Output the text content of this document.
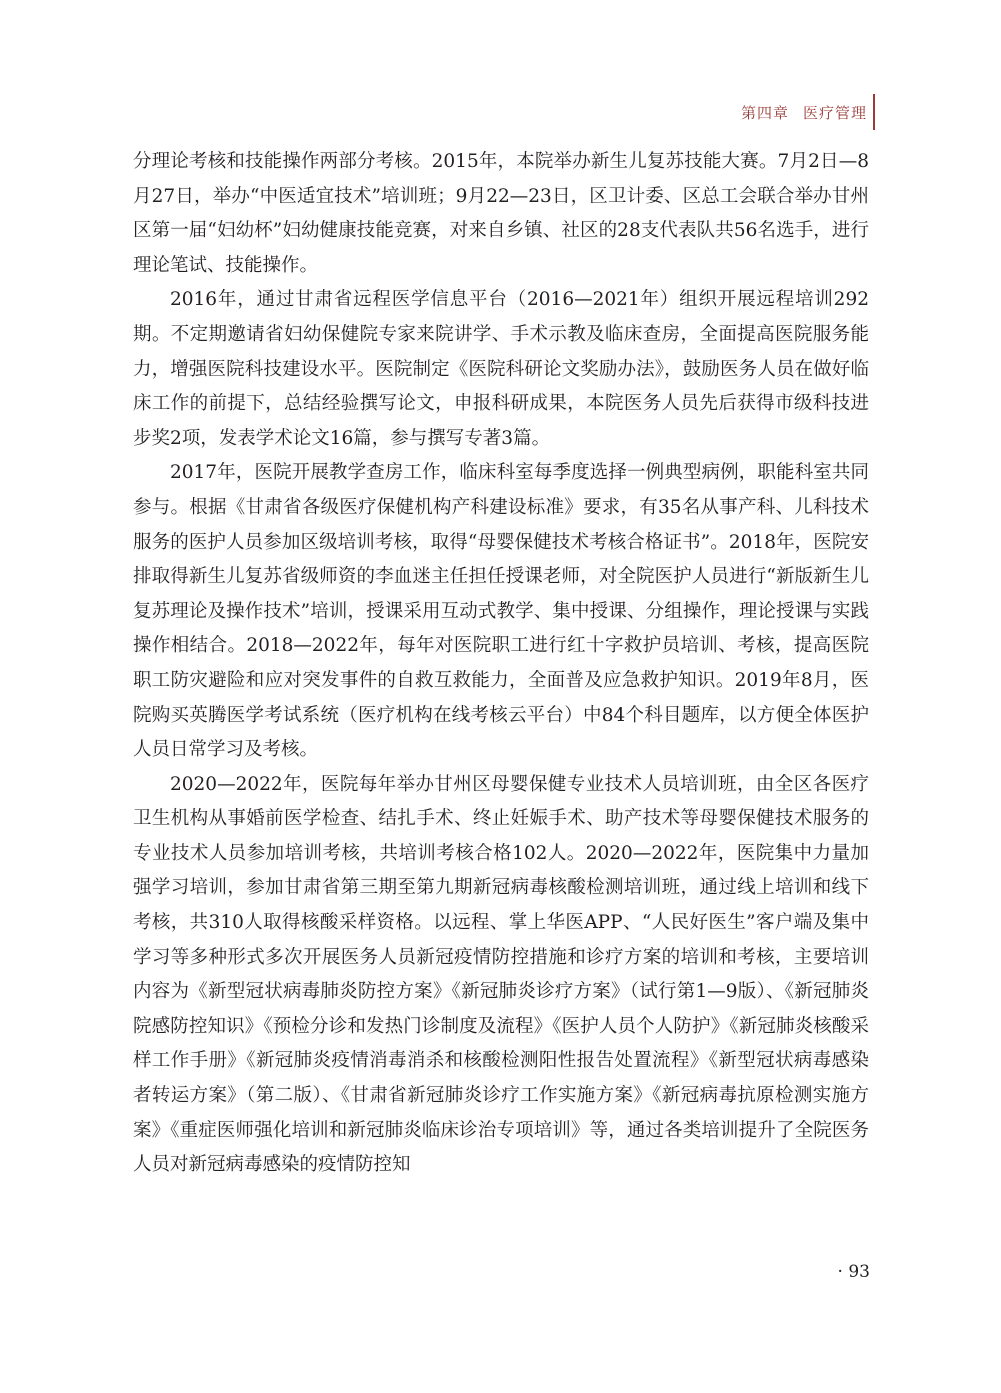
第四章 医疗管理

分理论考核和技能操作两部分考核。2015年，本院举办新生儿复苏技能大赛。7月2日—8月27日，举办“中医适宜技术”培训班；9月22—23日，区卫计委、区总工会联合举办甘州区第一届“妇幼杯”妇幼健康技能竞赛，对来自乡镇、社区的28支代表队共56名选手，进行理论笔试、技能操作。

2016年，通过甘肃省远程医学信息平台（2016—2021年）组织开展远程培训292期。不定期邀请省妇幼保健院专家来院讲学、手术示教及临床查房，全面提高医院服务能力，增强医院科技建设水平。医院制定《医院科研论文奖励办法》，鼓励医务人员在做好临床工作的前提下，总结经验撰写论文，申报科研成果，本院医务人员先后获得市级科技进步奖2项，发表学术论文16篇，参与撰写专著3篇。

2017年，医院开展教学查房工作，临床科室每季度选择一例典型病例，职能科室共同参与。根据《甘肃省各级医疗保健机构产科建设标准》要求，有35名从事产科、儿科技术服务的医护人员参加区级培训考核，取得“母婴保健技术考核合格证书”。2018年，医院安排取得新生儿复苏省级师资的李血迷主任担任授课老师，对全院医护人员进行“新版新生儿复苏理论及操作技术”培训，授课采用互动式教学、集中授课、分组操作，理论授课与实践操作相结合。2018—2022年，每年对医院职工进行红十字救护员培训、考核，提高医院职工防灾避险和应对突发事件的自救互救能力，全面普及应急救护知识。2019年8月，医院购买英腾医学考试系统（医疗机构在线考核云平台）中84个科目题库，以方便全体医护人员日常学习及考核。

2020—2022年，医院每年举办甘州区母婴保健专业技术人员培训班，由全区各医疗卫生机构从事婚前医学检查、结扎手术、终止妊娠手术、助产技术等母婴保健技术服务的专业技术人员参加培训考核，共培训考核合格102人。2020—2022年，医院集中力量加强学习培训，参加甘肃省第三期至第九期新冠病毒核酸检测培训班，通过线上培训和线下考核，共310人取得核酸采样资格。以远程、掌上华医APP、“人民好医生”客户端及集中学习等多种形式多次开展医务人员新冠疫情防控措施和诊疗方案的培训和考核，主要培训内容为《新型冠状病毒肺炎防控方案》《新冠肺炎诊疗方案》（试行第1—9版）、《新冠肺炎院感防控知识》《预检分诊和发热门诊制度及流程》《医护人员个人防护》《新冠肺炎核酸采样工作手册》《新冠肺炎疫情消毒消杀和核酸检测阳性报告处置流程》《新型冠状病毒感染者转运方案》（第二版）、《甘肃省新冠肺炎诊疗工作实施方案》《新冠病毒抗原检测实施方案》《重症医师强化培训和新冠肺炎临床诊治专项培训》等，通过各类培训提升了全院医务人员对新冠病毒感染的疫情防控知

· 93
